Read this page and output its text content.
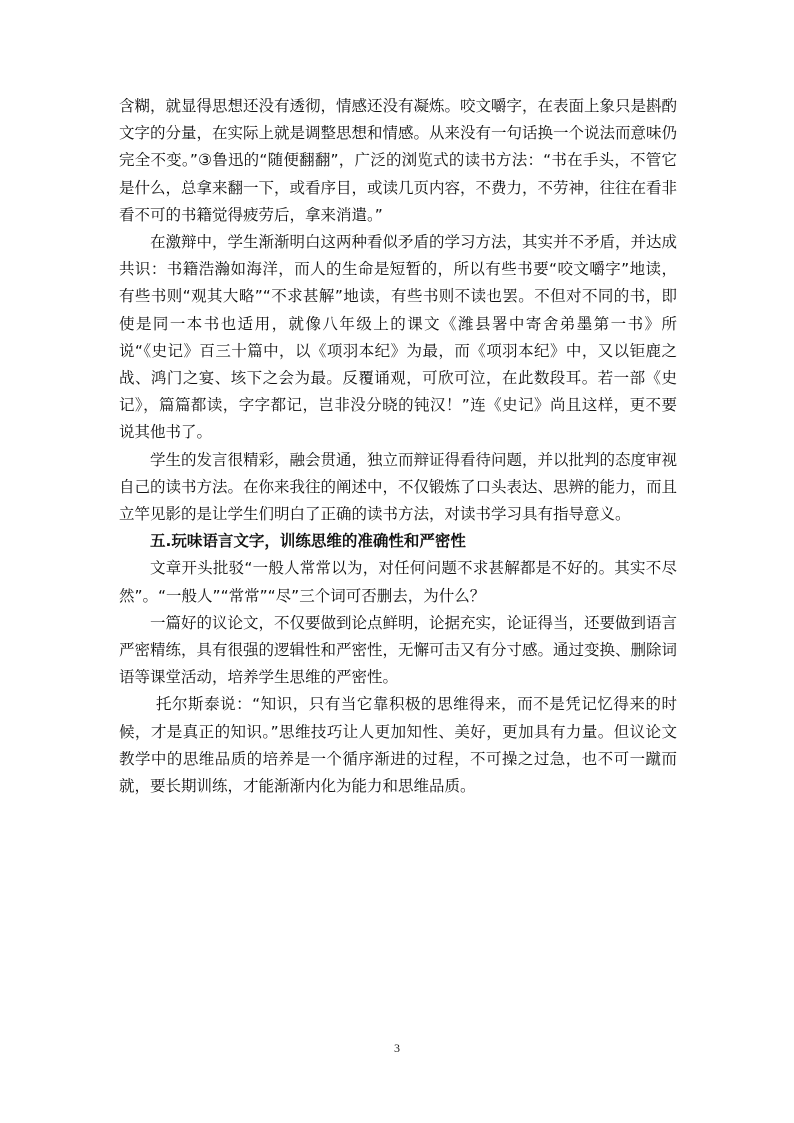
含糊，就显得思想还没有透彻，情感还没有凝炼。咬文嚼字，在表面上象只是斟酌文字的分量，在实际上就是调整思想和情感。从来没有一句话换一个说法而意味仍完全不变。”③鲁迅的“随便翻翻”，广泛的浏览式的读书方法：“书在手头，不管它是什么，总拿来翻一下，或看序目，或读几页内容，不费力，不劳神，往往在看非看不可的书籍觉得疲劳后，拿来消遣。”

在激辩中，学生渐渐明白这两种看似矛盾的学习方法，其实并不矛盾，并达成共识：书籍浩瀚如海洋，而人的生命是短暂的，所以有些书要“咬文嚼字”地读，有些书则“观其大略”“不求甚解”地读，有些书则不读也罢。不但对不同的书，即使是同一本书也适用，就像八年级上的课文《潍县署中寄舍弟墨第一书》所说“《史记》百三十篇中，以《项羽本纪》为最，而《项羽本纪》中，又以钜鹿之战、鸿门之宴、垓下之会为最。反覆诵观，可欣可泣，在此数段耳。若一部《史记》，篇篇都读，字字都记，岂非没分晓的钝汉！”连《史记》尚且这样，更不要说其他书了。

学生的发言很精彩，融会贯通，独立而辩证得看待问题，并以批判的态度审视自己的读书方法。在你来我往的阐述中，不仅锻炼了口头表达、思辨的能力，而且立竿见影的是让学生们明白了正确的读书方法，对读书学习具有指导意义。

五.玩味语言文字，训练思维的准确性和严密性

文章开头批驳“一般人常常以为，对任何问题不求甚解都是不好的。其实不尽然”。“一般人”“常常”“尽”三个词可否删去，为什么？

一篇好的议论文，不仅要做到论点鲜明，论据充实，论证得当，还要做到语言严密精练，具有很强的逻辑性和严密性，无懈可击又有分寸感。通过变换、删除词语等课堂活动，培养学生思维的严密性。

托尔斯泰说：“知识，只有当它靠积极的思维得来，而不是凭记忆得来的时候，才是真正的知识。”思维技巧让人更加知性、美好，更加具有力量。但议论文教学中的思维品质的培养是一个循序渐进的过程，不可操之过急，也不可一蹴而就，要长期训练，才能渐渐内化为能力和思维品质。

3
